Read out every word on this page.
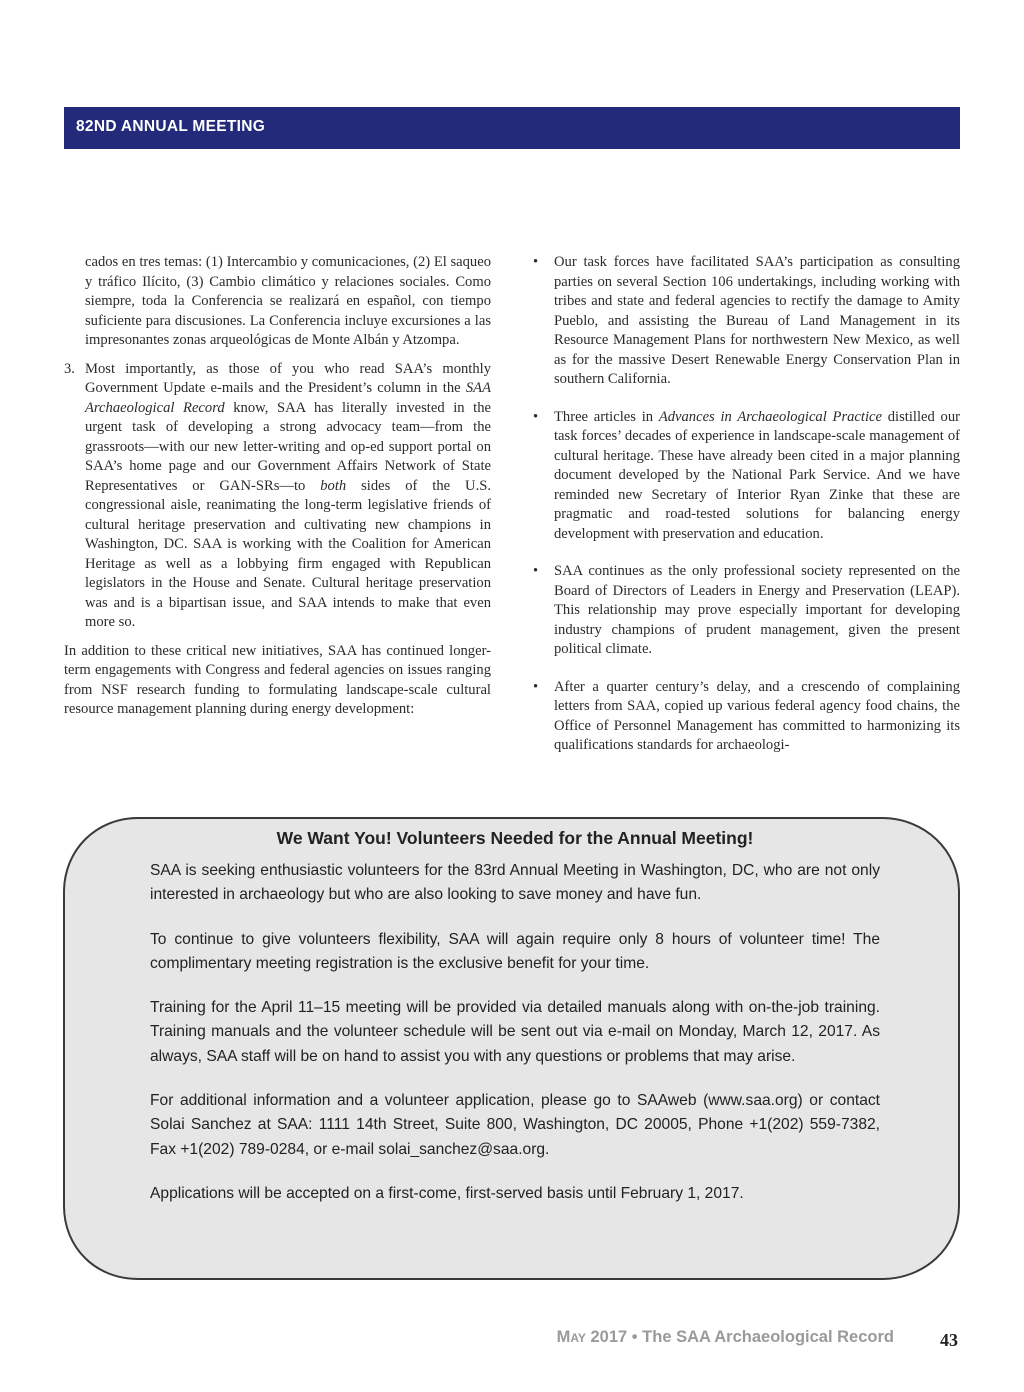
82ND ANNUAL MEETING

cados en tres temas: (1) Intercambio y comunicaciones, (2) El saqueo y tráfico Ilícito, (3) Cambio climático y relaciones sociales. Como siempre, toda la Conferencia se realizará en español, con tiempo suficiente para discusiones. La Conferencia incluye excursiones a las impresonantes zonas arqueológicas de Monte Albán y Atzompa.

3. Most importantly, as those of you who read SAA’s monthly Government Update e-mails and the President’s column in the SAA Archaeological Record know, SAA has literally invested in the urgent task of developing a strong advocacy team—from the grassroots—with our new letter-writing and op-ed support portal on SAA’s home page and our Government Affairs Network of State Representatives or GAN-SRs—to both sides of the U.S. congressional aisle, reanimating the long-term legislative friends of cultural heritage preservation and cultivating new champions in Washington, DC. SAA is working with the Coalition for American Heritage as well as a lobbying firm engaged with Republican legislators in the House and Senate. Cultural heritage preservation was and is a bipartisan issue, and SAA intends to make that even more so.

In addition to these critical new initiatives, SAA has continued longer-term engagements with Congress and federal agencies on issues ranging from NSF research funding to formulating landscape-scale cultural resource management planning during energy development:

• Our task forces have facilitated SAA’s participation as consulting parties on several Section 106 undertakings, including working with tribes and state and federal agencies to rectify the damage to Amity Pueblo, and assisting the Bureau of Land Management in its Resource Management Plans for northwestern New Mexico, as well as for the massive Desert Renewable Energy Conservation Plan in southern California.
• Three articles in Advances in Archaeological Practice distilled our task forces’ decades of experience in landscape-scale management of cultural heritage. These have already been cited in a major planning document developed by the National Park Service. And we have reminded new Secretary of Interior Ryan Zinke that these are pragmatic and road-tested solutions for balancing energy development with preservation and education.
• SAA continues as the only professional society represented on the Board of Directors of Leaders in Energy and Preservation (LEAP). This relationship may prove especially important for developing industry champions of prudent management, given the present political climate.
• After a quarter century’s delay, and a crescendo of complaining letters from SAA, copied up various federal agency food chains, the Office of Personnel Management has committed to harmonizing its qualifications standards for archaeologi-
We Want You! Volunteers Needed for the Annual Meeting!

SAA is seeking enthusiastic volunteers for the 83rd Annual Meeting in Washington, DC, who are not only interested in archaeology but who are also looking to save money and have fun.

To continue to give volunteers flexibility, SAA will again require only 8 hours of volunteer time! The complimentary meeting registration is the exclusive benefit for your time.

Training for the April 11–15 meeting will be provided via detailed manuals along with on-the-job training. Training manuals and the volunteer schedule will be sent out via e-mail on Monday, March 12, 2017. As always, SAA staff will be on hand to assist you with any questions or problems that may arise.

For additional information and a volunteer application, please go to SAAweb (www.saa.org) or contact Solai Sanchez at SAA: 1111 14th Street, Suite 800, Washington, DC 20005, Phone +1(202) 559-7382, Fax +1(202) 789-0284, or e-mail solai_sanchez@saa.org.

Applications will be accepted on a first-come, first-served basis until February 1, 2017.

May 2017 • The SAA Archaeological Record	43
